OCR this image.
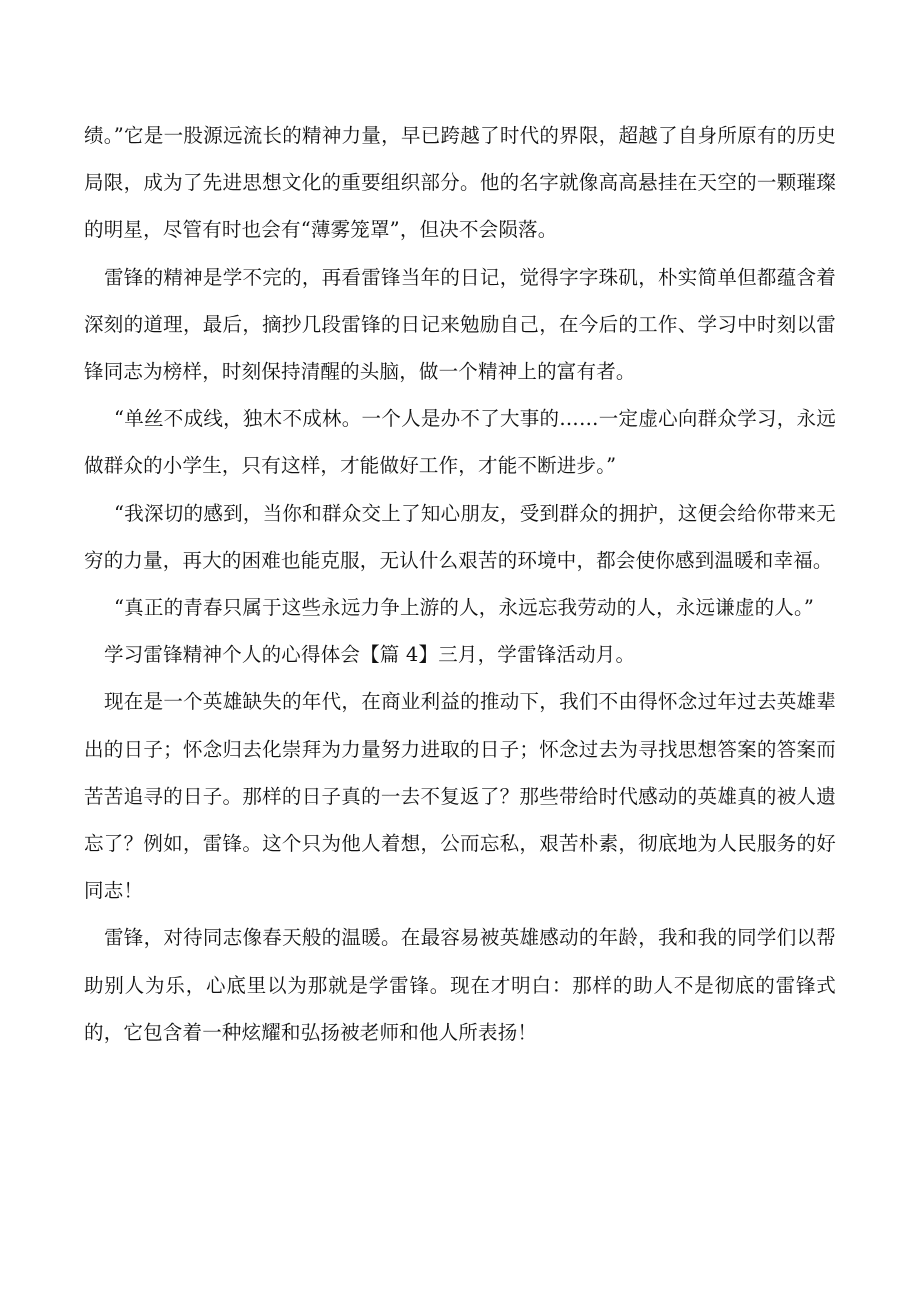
绩。”它是一股源远流长的精神力量，早已跨越了时代的界限，超越了自身所原有的历史局限，成为了先进思想文化的重要组织部分。他的名字就像高高悬挂在天空的一颗璀璨的明星，尽管有时也会有“薄雾笼罩”，但决不会陨落。

雷锋的精神是学不完的，再看雷锋当年的日记，觉得字字珠矶，朴实简单但都蕴含着深刻的道理，最后，摘抄几段雷锋的日记来勉励自己，在今后的工作、学习中时刻以雷锋同志为榜样，时刻保持清醒的头脑，做一个精神上的富有者。

“单丝不成线，独木不成林。一个人是办不了大事的……一定虚心向群众学习，永远做群众的小学生，只有这样，才能做好工作，才能不断进步。”

“我深切的感到，当你和群众交上了知心朋友，受到群众的拥护，这便会给你带来无穷的力量，再大的困难也能克服，无认什么艰苦的环境中，都会使你感到温暖和幸福。

“真正的青春只属于这些永远力争上游的人，永远忘我劳动的人，永远谦虚的人。”

学习雷锋精神个人的心得体会【篇 4】三月，学雷锋活动月。

现在是一个英雄缺失的年代，在商业利益的推动下，我们不由得怀念过年过去英雄辈出的日子；怀念归去化崇拜为力量努力进取的日子；怀念过去为寻找思想答案的答案而苦苦追寻的日子。那样的日子真的一去不复返了？那些带给时代感动的英雄真的被人遗忘了？例如，雷锋。这个只为他人着想，公而忘私，艰苦朴素，彻底地为人民服务的好同志！

雷锋，对待同志像春天般的温暖。在最容易被英雄感动的年龄，我和我的同学们以帮助别人为乐，心底里以为那就是学雷锋。现在才明白：那样的助人不是彻底的雷锋式的，它包含着一种炫耀和弘扬被老师和他人所表扬！
